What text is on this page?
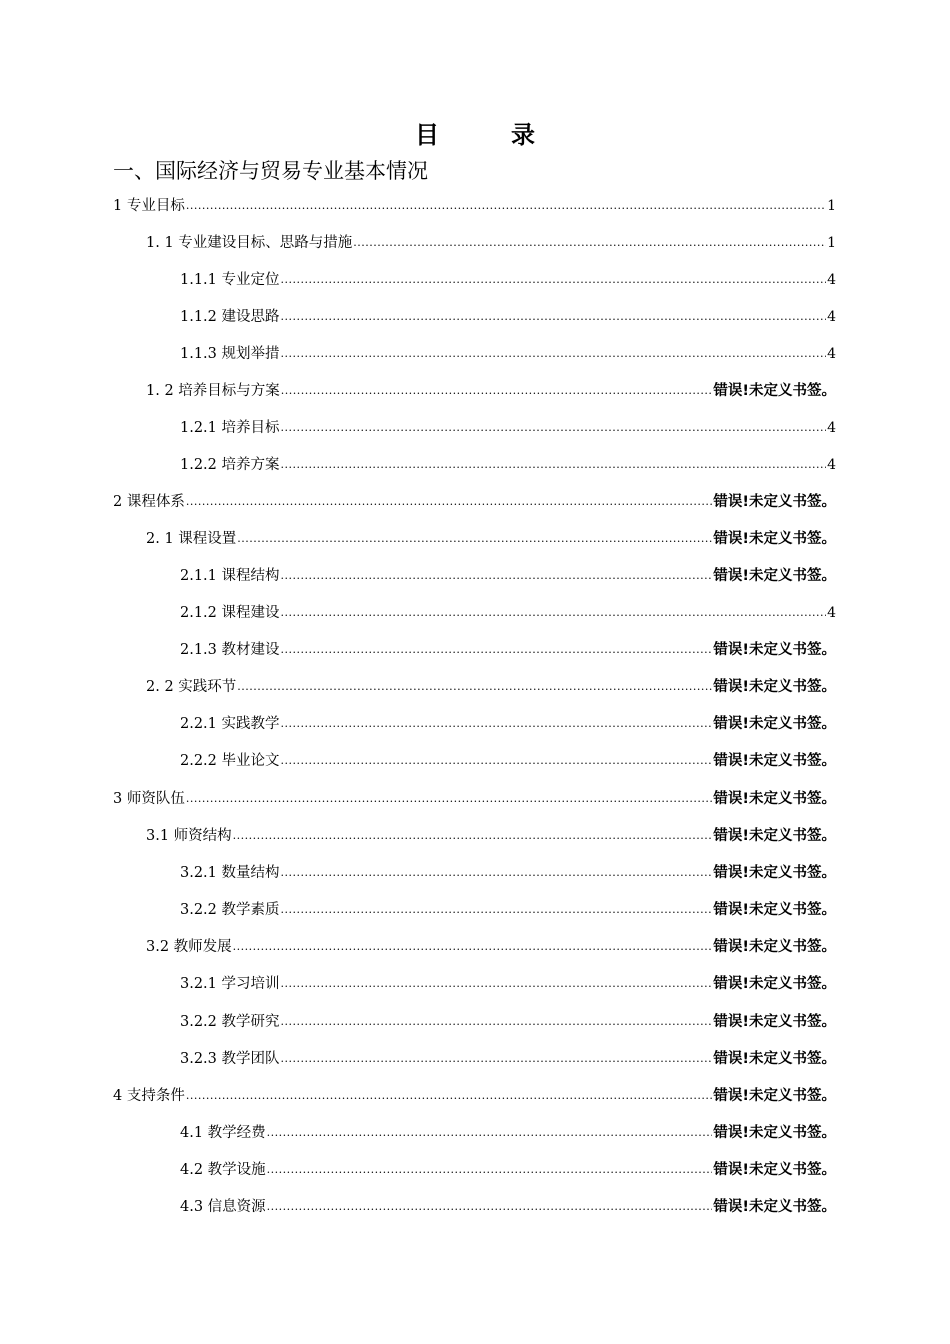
目　录
一、国际经济与贸易专业基本情况
1 专业目标 .....	1
1. 1 专业建设目标、思路与措施 .....	1
1.1.1 专业定位 .....	4
1.1.2 建设思路 .....	4
1.1.3 规划举措 .....	4
1. 2 培养目标与方案 .....	错误!未定义书签。
1.2.1 培养目标 .....	4
1.2.2 培养方案 .....	4
2 课程体系 .....	错误!未定义书签。
2. 1 课程设置 .....	错误!未定义书签。
2.1.1 课程结构 .....	错误!未定义书签。
2.1.2 课程建设 .....	4
2.1.3 教材建设 .....	错误!未定义书签。
2. 2 实践环节 .....	错误!未定义书签。
2.2.1 实践教学 .....	错误!未定义书签。
2.2.2 毕业论文 .....	错误!未定义书签。
3 师资队伍 .....	错误!未定义书签。
3.1 师资结构 .....	错误!未定义书签。
3.2.1 数量结构 .....	错误!未定义书签。
3.2.2 教学素质 .....	错误!未定义书签。
3.2 教师发展 .....	错误!未定义书签。
3.2.1 学习培训 .....	错误!未定义书签。
3.2.2 教学研究 .....	错误!未定义书签。
3.2.3 教学团队 .....	错误!未定义书签。
4 支持条件 .....	错误!未定义书签。
4.1 教学经费 .....	错误!未定义书签。
4.2 教学设施 .....	错误!未定义书签。
4.3 信息资源 .....	错误!未定义书签。
